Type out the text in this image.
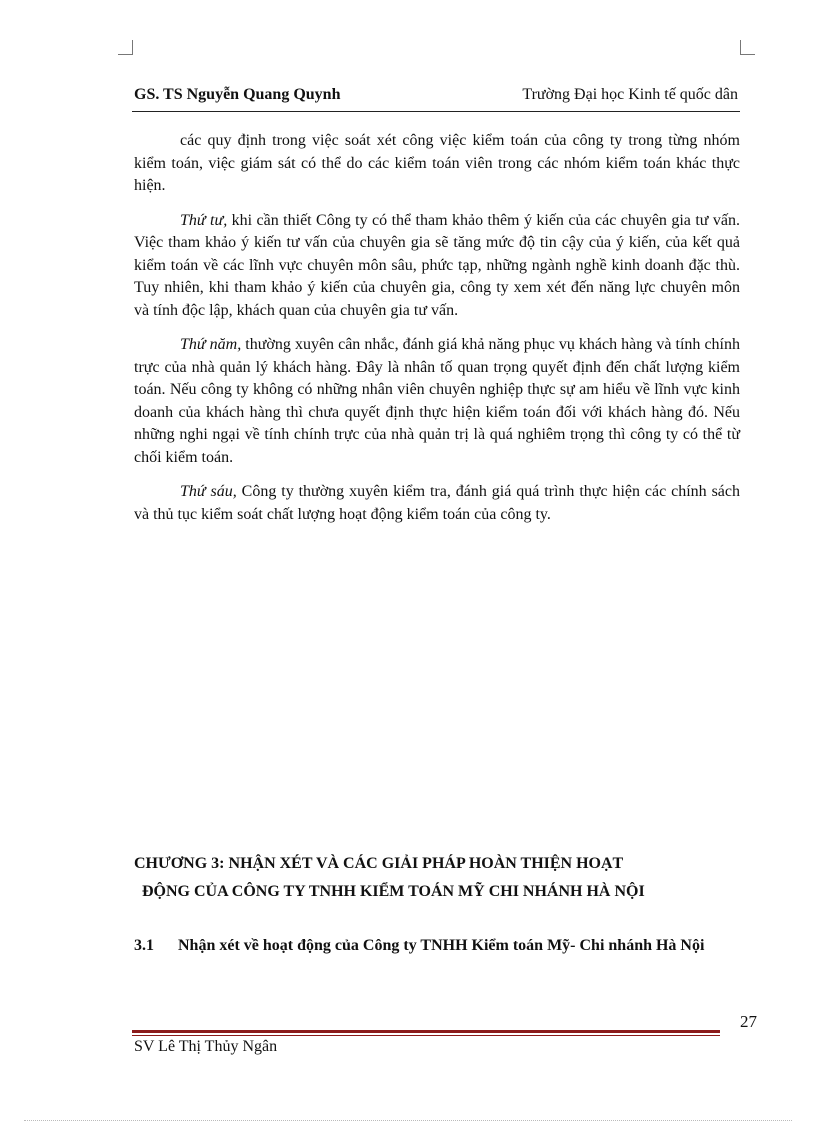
GS. TS Nguyễn Quang Quynh	Trường Đại học Kinh tế quốc dân

các quy định trong việc soát xét công việc kiểm toán của công ty trong từng nhóm kiểm toán, việc giám sát có thể do các kiểm toán viên trong các nhóm kiểm toán khác thực hiện.

Thứ tư, khi cần thiết Công ty có thể tham khảo thêm ý kiến của các chuyên gia tư vấn. Việc tham khảo ý kiến tư vấn của chuyên gia sẽ tăng mức độ tin cậy của ý kiến, của kết quả kiểm toán về các lĩnh vực chuyên môn sâu, phức tạp, những ngành nghề kinh doanh đặc thù. Tuy nhiên, khi tham khảo ý kiến của chuyên gia, công ty xem xét đến năng lực chuyên môn và tính độc lập, khách quan của chuyên gia tư vấn.

Thứ năm, thường xuyên cân nhắc, đánh giá khả năng phục vụ khách hàng và tính chính trực của nhà quản lý khách hàng. Đây là nhân tố quan trọng quyết định đến chất lượng kiểm toán. Nếu công ty không có những nhân viên chuyên nghiệp thực sự am hiểu về lĩnh vực kinh doanh của khách hàng thì chưa quyết định thực hiện kiểm toán đối với khách hàng đó. Nếu những nghi ngại về tính chính trực của nhà quản trị là quá nghiêm trọng thì công ty có thể từ chối kiểm toán.

Thứ sáu, Công ty thường xuyên kiểm tra, đánh giá quá trình thực hiện các chính sách và thủ tục kiểm soát chất lượng hoạt động kiểm toán của công ty.

CHƯƠNG 3: NHẬN XÉT VÀ CÁC GIẢI PHÁP HOÀN THIỆN HOẠT
ĐỘNG CỦA CÔNG TY TNHH KIỂM TOÁN MỸ CHI NHÁNH HÀ NỘI
3.1 Nhận xét về hoạt động của Công ty TNHH Kiểm toán Mỹ- Chi nhánh Hà Nội
27
SV Lê Thị Thủy Ngân
